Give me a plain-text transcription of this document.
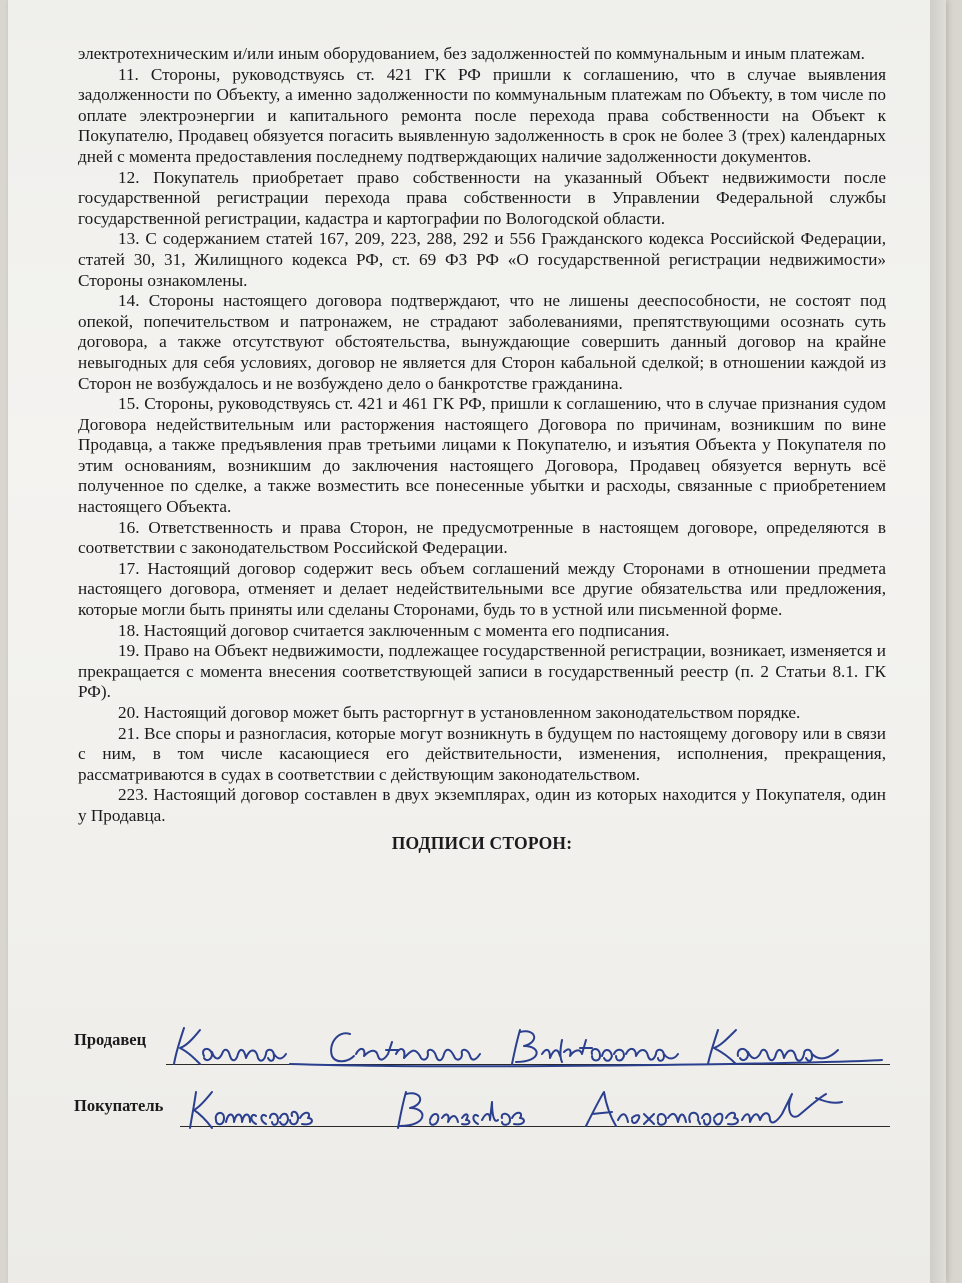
электротехническим и/или иным оборудованием, без задолженностей по коммунальным и иным платежам.

11. Стороны, руководствуясь ст. 421 ГК РФ пришли к соглашению, что в случае выявления задолженности по Объекту, а именно задолженности по коммунальным платежам по Объекту, в том числе по оплате электроэнергии и капитального ремонта после перехода права собственности на Объект к Покупателю, Продавец обязуется погасить выявленную задолженность в срок не более 3 (трех) календарных дней с момента предоставления последнему подтверждающих наличие задолженности документов.

12. Покупатель приобретает право собственности на указанный Объект недвижимости после государственной регистрации перехода права собственности в Управлении Федеральной службы государственной регистрации, кадастра и картографии по Вологодской области.

13. С содержанием статей 167, 209, 223, 288, 292 и 556 Гражданского кодекса Российской Федерации, статей 30, 31, Жилищного кодекса РФ, ст. 69 ФЗ РФ «О государственной регистрации недвижимости» Стороны ознакомлены.

14. Стороны настоящего договора подтверждают, что не лишены дееспособности, не состоят под опекой, попечительством и патронажем, не страдают заболеваниями, препятствующими осознать суть договора, а также отсутствуют обстоятельства, вынуждающие совершить данный договор на крайне невыгодных для себя условиях, договор не является для Сторон кабальной сделкой; в отношении каждой из Сторон не возбуждалось и не возбуждено дело о банкротстве гражданина.

15. Стороны, руководствуясь ст. 421 и 461 ГК РФ, пришли к соглашению, что в случае признания судом Договора недействительным или расторжения настоящего Договора по причинам, возникшим по вине Продавца, а также предъявления прав третьими лицами к Покупателю, и изъятия Объекта у Покупателя по этим основаниям, возникшим до заключения настоящего Договора, Продавец обязуется вернуть всё полученное по сделке, а также возместить все понесенные убытки и расходы, связанные с приобретением настоящего Объекта.

16. Ответственность и права Сторон, не предусмотренные в настоящем договоре, определяются в соответствии с законодательством Российской Федерации.

17. Настоящий договор содержит весь объем соглашений между Сторонами в отношении предмета настоящего договора, отменяет и делает недействительными все другие обязательства или предложения, которые могли быть приняты или сделаны Сторонами, будь то в устной или письменной форме.

18. Настоящий договор считается заключенным с момента его подписания.

19. Право на Объект недвижимости, подлежащее государственной регистрации, возникает, изменяется и прекращается с момента внесения соответствующей записи в государственный реестр (п. 2 Статьи 8.1. ГК РФ).

20. Настоящий договор может быть расторгнут в установленном законодательством порядке.

21. Все споры и разногласия, которые могут возникнуть в будущем по настоящему договору или в связи с ним, в том числе касающиеся его действительности, изменения, исполнения, прекращения, рассматриваются в судах в соответствии с действующим законодательством.

223. Настоящий договор составлен в двух экземплярах, один из которых находится у Покупателя, один у Продавца.

ПОДПИСИ СТОРОН:
Продавец
Покупатель
